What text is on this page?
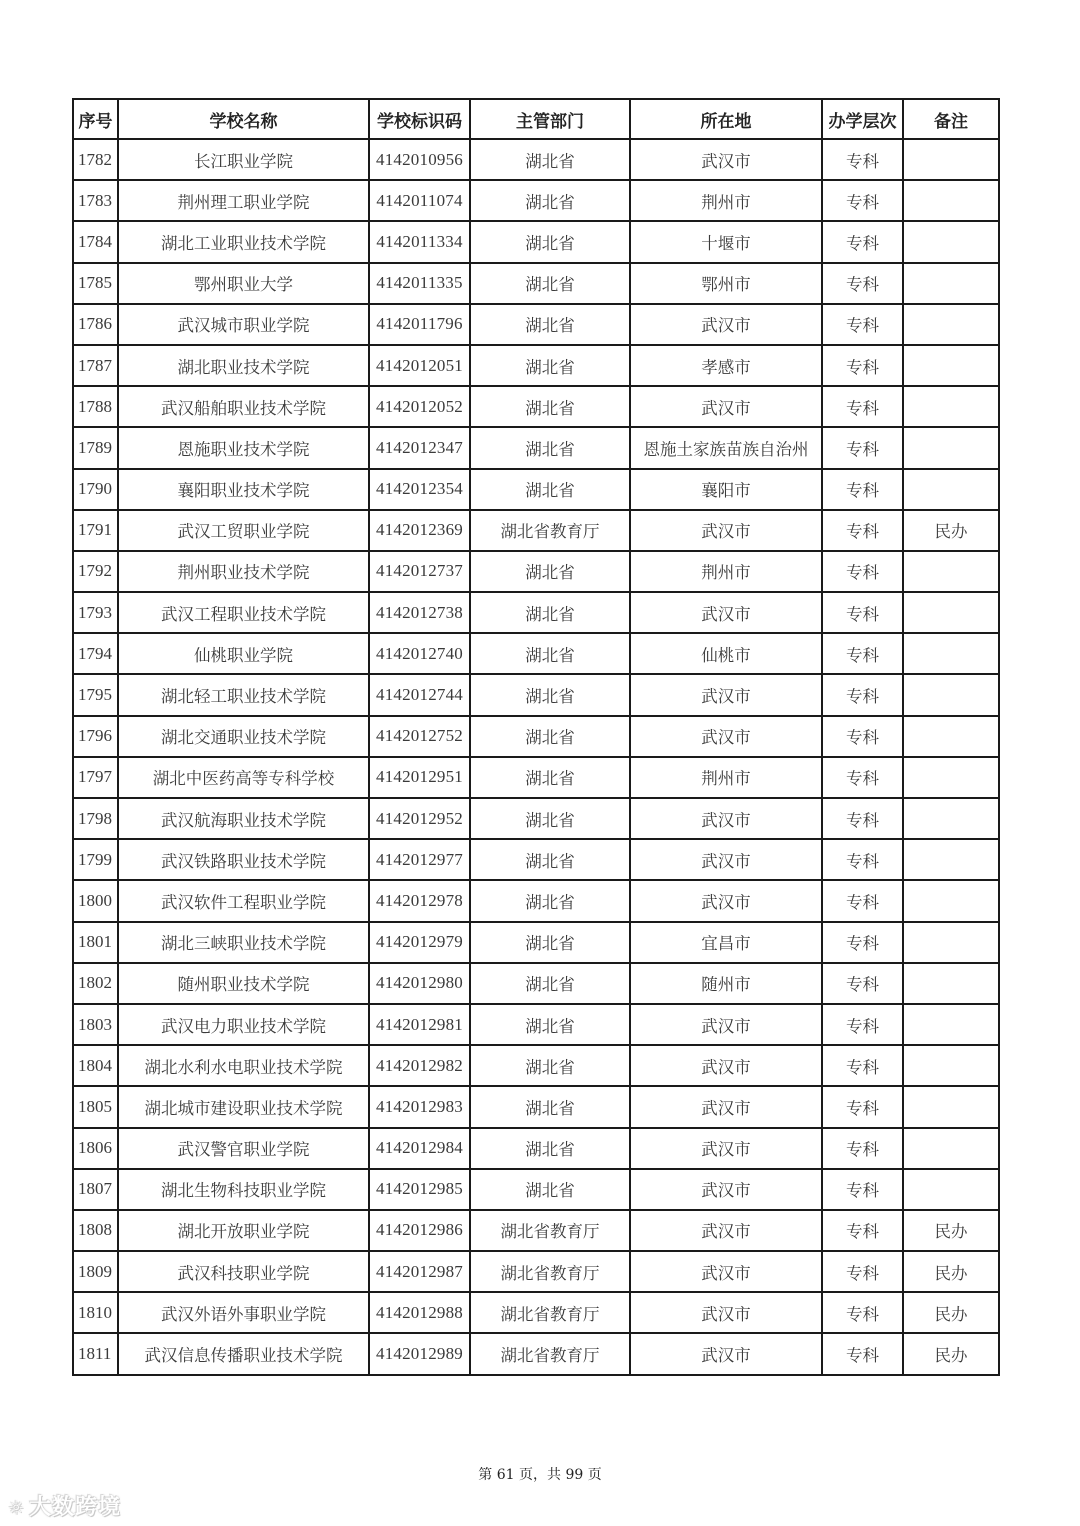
序号	学校名称	学校标识码	主管部门	所在地	办学层次	备注
1782	长江职业学院	4142010956	湖北省	武汉市	专科	
1783	荆州理工职业学院	4142011074	湖北省	荆州市	专科	
1784	湖北工业职业技术学院	4142011334	湖北省	十堰市	专科	
1785	鄂州职业大学	4142011335	湖北省	鄂州市	专科	
1786	武汉城市职业学院	4142011796	湖北省	武汉市	专科	
1787	湖北职业技术学院	4142012051	湖北省	孝感市	专科	
1788	武汉船舶职业技术学院	4142012052	湖北省	武汉市	专科	
1789	恩施职业技术学院	4142012347	湖北省	恩施土家族苗族自治州	专科	
1790	襄阳职业技术学院	4142012354	湖北省	襄阳市	专科	
1791	武汉工贸职业学院	4142012369	湖北省教育厅	武汉市	专科	民办
1792	荆州职业技术学院	4142012737	湖北省	荆州市	专科	
1793	武汉工程职业技术学院	4142012738	湖北省	武汉市	专科	
1794	仙桃职业学院	4142012740	湖北省	仙桃市	专科	
1795	湖北轻工职业技术学院	4142012744	湖北省	武汉市	专科	
1796	湖北交通职业技术学院	4142012752	湖北省	武汉市	专科	
1797	湖北中医药高等专科学校	4142012951	湖北省	荆州市	专科	
1798	武汉航海职业技术学院	4142012952	湖北省	武汉市	专科	
1799	武汉铁路职业技术学院	4142012977	湖北省	武汉市	专科	
1800	武汉软件工程职业学院	4142012978	湖北省	武汉市	专科	
1801	湖北三峡职业技术学院	4142012979	湖北省	宜昌市	专科	
1802	随州职业技术学院	4142012980	湖北省	随州市	专科	
1803	武汉电力职业技术学院	4142012981	湖北省	武汉市	专科	
1804	湖北水利水电职业技术学院	4142012982	湖北省	武汉市	专科	
1805	湖北城市建设职业技术学院	4142012983	湖北省	武汉市	专科	
1806	武汉警官职业学院	4142012984	湖北省	武汉市	专科	
1807	湖北生物科技职业学院	4142012985	湖北省	武汉市	专科	
1808	湖北开放职业学院	4142012986	湖北省教育厅	武汉市	专科	民办
1809	武汉科技职业学院	4142012987	湖北省教育厅	武汉市	专科	民办
1810	武汉外语外事职业学院	4142012988	湖北省教育厅	武汉市	专科	民办
1811	武汉信息传播职业技术学院	4142012989	湖北省教育厅	武汉市	专科	民办
第 61 页，共 99 页
☼ 大数跨境
